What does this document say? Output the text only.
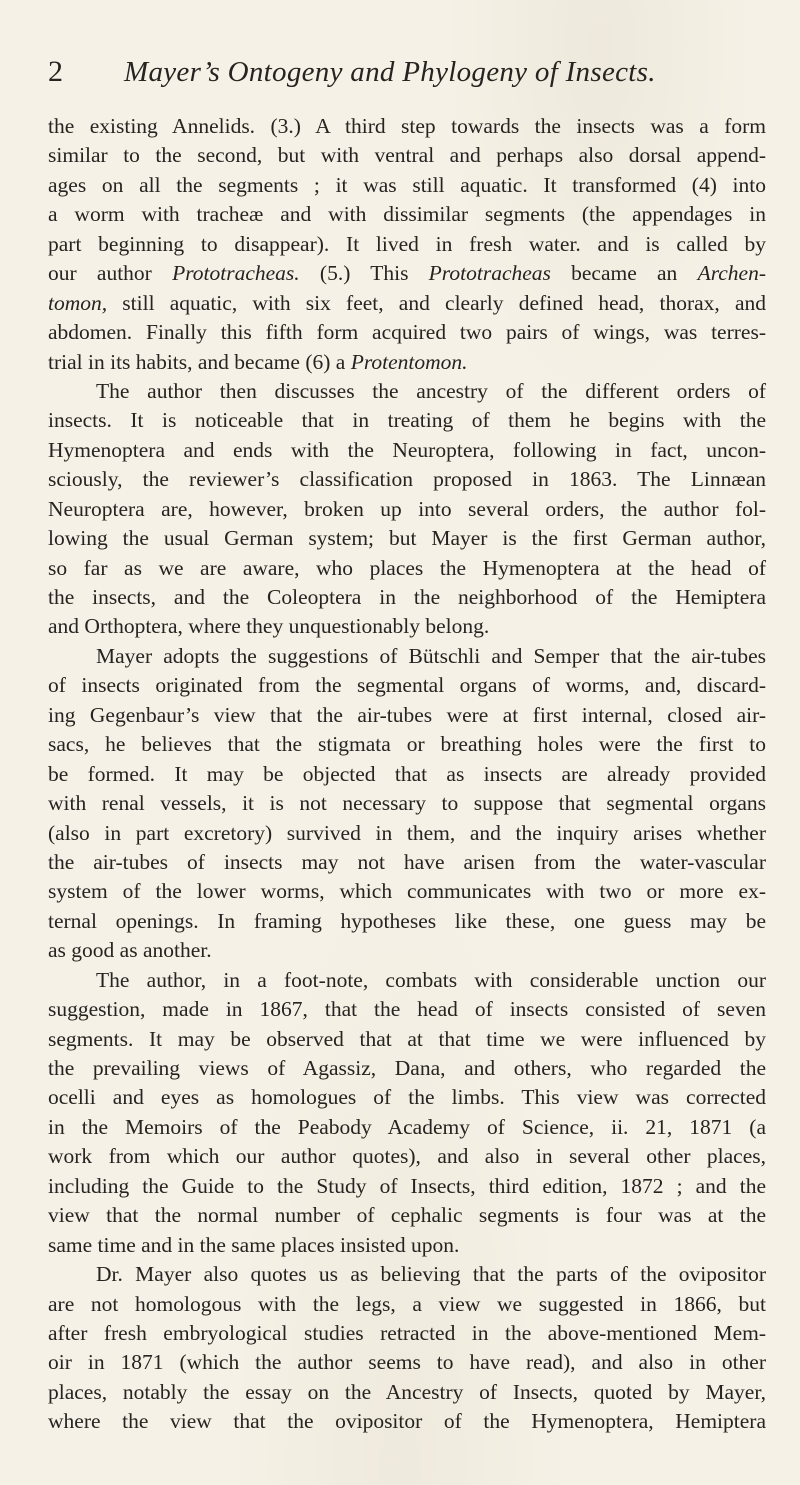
2 Mayer’s Ontogeny and Phylogeny of Insects.
the existing Annelids. (3.) A third step towards the insects was a form
similar to the second, but with ventral and perhaps also dorsal append-
ages on all the segments ; it was still aquatic. It transformed (4) into
a worm with tracheæ and with dissimilar segments (the appendages in
part beginning to disappear). It lived in fresh water. and is called by
our author Prototracheas. (5.) This Prototracheas became an Archen-
tomon, still aquatic, with six feet, and clearly defined head, thorax, and
abdomen. Finally this fifth form acquired two pairs of wings, was terres-
trial in its habits, and became (6) a Protentomon.
The author then discusses the ancestry of the different orders of
insects. It is noticeable that in treating of them he begins with the
Hymenoptera and ends with the Neuroptera, following in fact, uncon-
sciously, the reviewer’s classification proposed in 1863. The Linnæan
Neuroptera are, however, broken up into several orders, the author fol-
lowing the usual German system; but Mayer is the first German author,
so far as we are aware, who places the Hymenoptera at the head of
the insects, and the Coleoptera in the neighborhood of the Hemiptera
and Orthoptera, where they unquestionably belong.
Mayer adopts the suggestions of Bütschli and Semper that the air-tubes
of insects originated from the segmental organs of worms, and, discard-
ing Gegenbaur’s view that the air-tubes were at first internal, closed air-
sacs, he believes that the stigmata or breathing holes were the first to
be formed. It may be objected that as insects are already provided
with renal vessels, it is not necessary to suppose that segmental organs
(also in part excretory) survived in them, and the inquiry arises whether
the air-tubes of insects may not have arisen from the water-vascular
system of the lower worms, which communicates with two or more ex-
ternal openings. In framing hypotheses like these, one guess may be
as good as another.
The author, in a foot-note, combats with considerable unction our
suggestion, made in 1867, that the head of insects consisted of seven
segments. It may be observed that at that time we were influenced by
the prevailing views of Agassiz, Dana, and others, who regarded the
ocelli and eyes as homologues of the limbs. This view was corrected
in the Memoirs of the Peabody Academy of Science, ii. 21, 1871 (a
work from which our author quotes), and also in several other places,
including the Guide to the Study of Insects, third edition, 1872 ; and the
view that the normal number of cephalic segments is four was at the
same time and in the same places insisted upon.
Dr. Mayer also quotes us as believing that the parts of the ovipositor
are not homologous with the legs, a view we suggested in 1866, but
after fresh embryological studies retracted in the above-mentioned Mem-
oir in 1871 (which the author seems to have read), and also in other
places, notably the essay on the Ancestry of Insects, quoted by Mayer,
where the view that the ovipositor of the Hymenoptera, Hemiptera
